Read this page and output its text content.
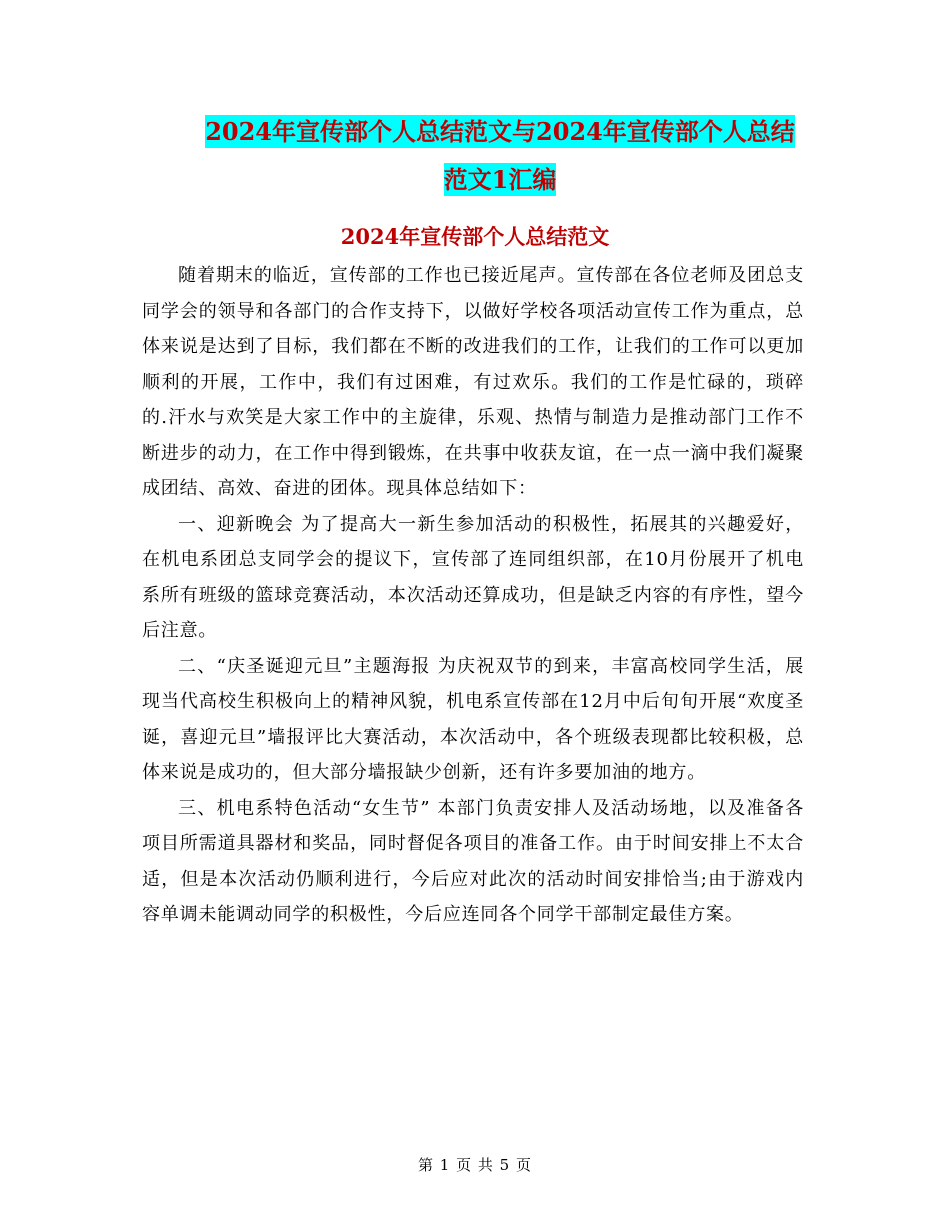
2024年宣传部个人总结范文与2024年宣传部个人总结
范文1汇编
2024年宣传部个人总结范文

随着期末的临近，宣传部的工作也已接近尾声。宣传部在各位老师及团总支同学会的领导和各部门的合作支持下，以做好学校各项活动宣传工作为重点，总体来说是达到了目标，我们都在不断的改进我们的工作，让我们的工作可以更加顺利的开展，工作中，我们有过困难，有过欢乐。我们的工作是忙碌的，琐碎的.汗水与欢笑是大家工作中的主旋律，乐观、热情与制造力是推动部门工作不断进步的动力，在工作中得到锻炼，在共事中收获友谊，在一点一滴中我们凝聚成团结、高效、奋进的团体。现具体总结如下：

一、迎新晚会 为了提高大一新生参加活动的积极性，拓展其的兴趣爱好，在机电系团总支同学会的提议下，宣传部了连同组织部，在10月份展开了机电系所有班级的篮球竞赛活动，本次活动还算成功，但是缺乏内容的有序性，望今后注意。

二、“庆圣诞迎元旦”主题海报 为庆祝双节的到来，丰富高校同学生活，展现当代高校生积极向上的精神风貌，机电系宣传部在12月中后旬旬开展“欢度圣诞，喜迎元旦”墙报评比大赛活动，本次活动中，各个班级表现都比较积极，总体来说是成功的，但大部分墙报缺少创新，还有许多要加油的地方。

三、机电系特色活动“女生节” 本部门负责安排人及活动场地，以及准备各项目所需道具器材和奖品，同时督促各项目的准备工作。由于时间安排上不太合适，但是本次活动仍顺利进行，今后应对此次的活动时间安排恰当;由于游戏内容单调未能调动同学的积极性，今后应连同各个同学干部制定最佳方案。

第 1 页 共 5 页
